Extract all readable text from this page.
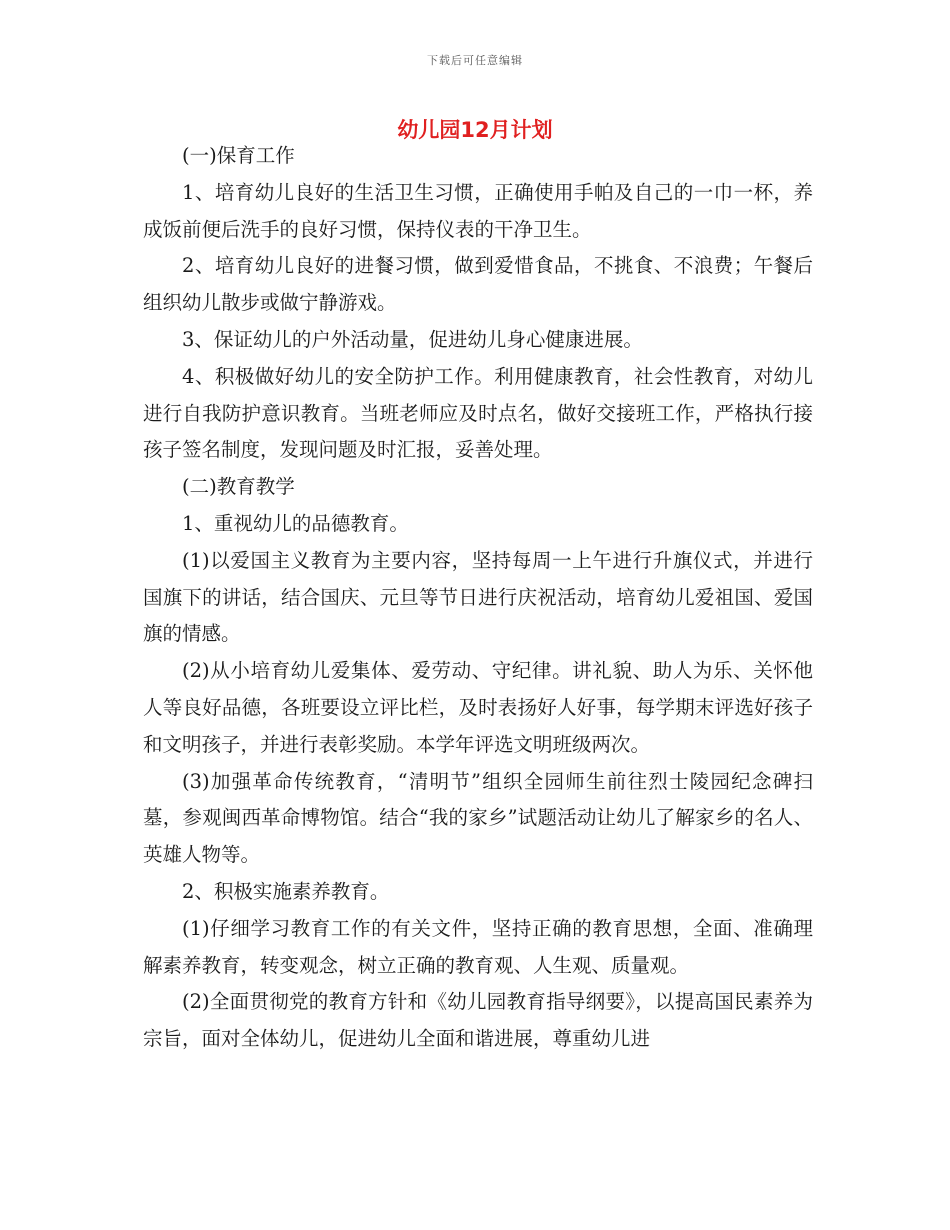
下载后可任意编辑
幼儿园12月计划

(一)保育工作

1、培育幼儿良好的生活卫生习惯，正确使用手帕及自己的一巾一杯，养成饭前便后洗手的良好习惯，保持仪表的干净卫生。

2、培育幼儿良好的进餐习惯，做到爱惜食品，不挑食、不浪费；午餐后组织幼儿散步或做宁静游戏。

3、保证幼儿的户外活动量，促进幼儿身心健康进展。

4、积极做好幼儿的安全防护工作。利用健康教育，社会性教育，对幼儿进行自我防护意识教育。当班老师应及时点名，做好交接班工作，严格执行接孩子签名制度，发现问题及时汇报，妥善处理。

(二)教育教学

1、重视幼儿的品德教育。

(1)以爱国主义教育为主要内容，坚持每周一上午进行升旗仪式，并进行国旗下的讲话，结合国庆、元旦等节日进行庆祝活动，培育幼儿爱祖国、爱国旗的情感。

(2)从小培育幼儿爱集体、爱劳动、守纪律。讲礼貌、助人为乐、关怀他人等良好品德，各班要设立评比栏，及时表扬好人好事，每学期末评选好孩子和文明孩子，并进行表彰奖励。本学年评选文明班级两次。

(3)加强革命传统教育，“清明节”组织全园师生前往烈士陵园纪念碑扫墓，参观闽西革命博物馆。结合“我的家乡”试题活动让幼儿了解家乡的名人、英雄人物等。

2、积极实施素养教育。

(1)仔细学习教育工作的有关文件，坚持正确的教育思想，全面、准确理解素养教育，转变观念，树立正确的教育观、人生观、质量观。

(2)全面贯彻党的教育方针和《幼儿园教育指导纲要》，以提高国民素养为宗旨，面对全体幼儿，促进幼儿全面和谐进展，尊重幼儿进
